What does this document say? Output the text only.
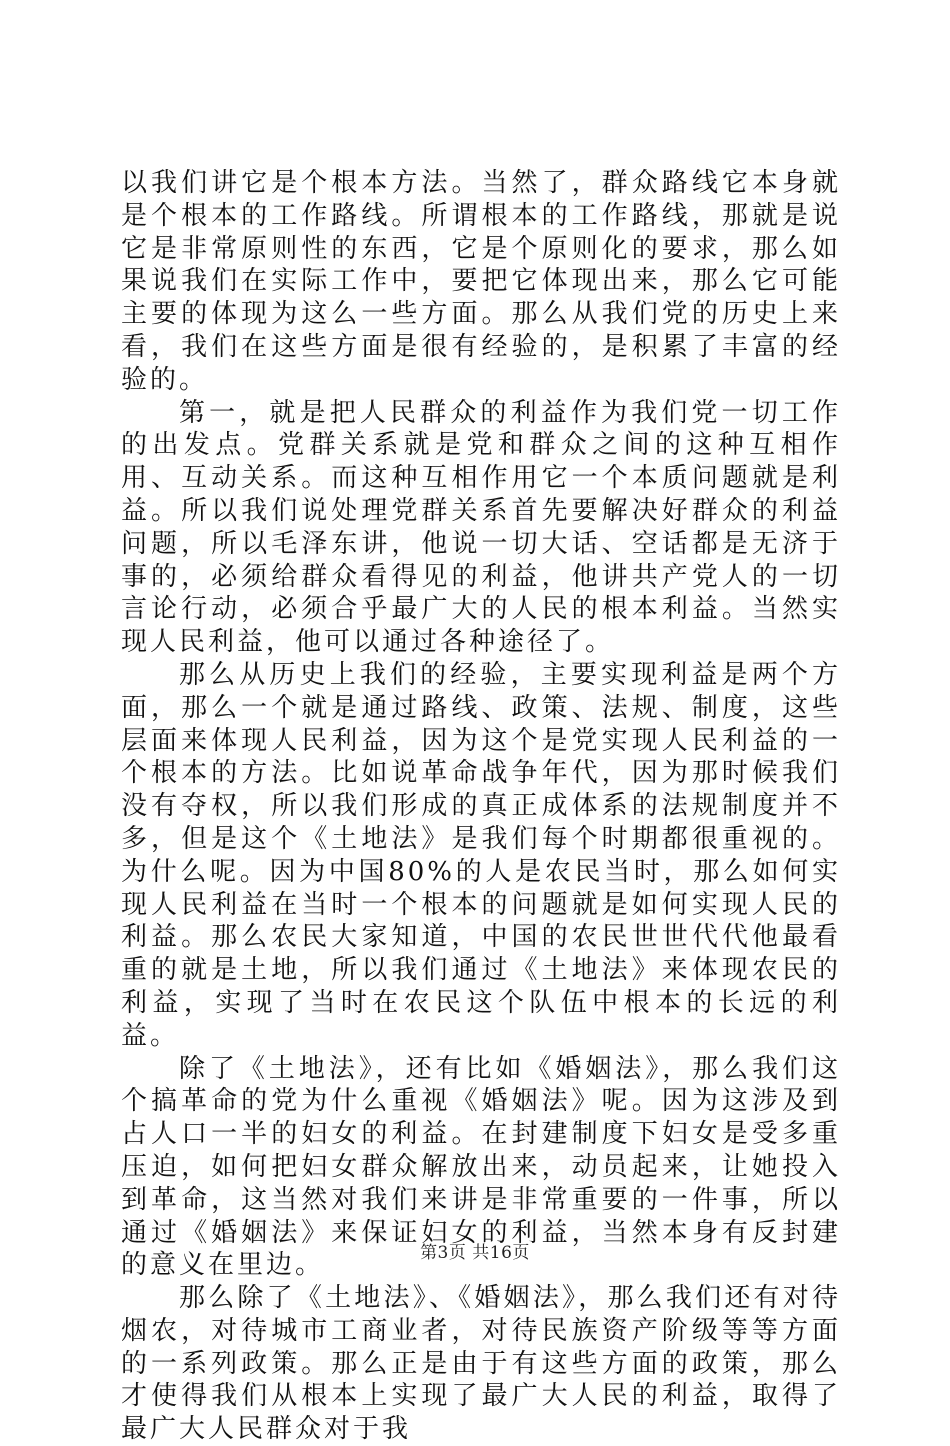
以我们讲它是个根本方法。当然了，群众路线它本身就是个根本的工作路线。所谓根本的工作路线，那就是说它是非常原则性的东西，它是个原则化的要求，那么如果说我们在实际工作中，要把它体现出来，那么它可能主要的体现为这么一些方面。那么从我们党的历史上来看，我们在这些方面是很有经验的，是积累了丰富的经验的。

第一，就是把人民群众的利益作为我们党一切工作的出发点。党群关系就是党和群众之间的这种互相作用、互动关系。而这种互相作用它一个本质问题就是利益。所以我们说处理党群关系首先要解决好群众的利益问题，所以毛泽东讲，他说一切大话、空话都是无济于事的，必须给群众看得见的利益，他讲共产党人的一切言论行动，必须合乎最广大的人民的根本利益。当然实现人民利益，他可以通过各种途径了。

那么从历史上我们的经验，主要实现利益是两个方面，那么一个就是通过路线、政策、法规、制度，这些层面来体现人民利益，因为这个是党实现人民利益的一个根本的方法。比如说革命战争年代，因为那时候我们没有夺权，所以我们形成的真正成体系的法规制度并不多，但是这个《土地法》是我们每个时期都很重视的。为什么呢。因为中国80%的人是农民当时，那么如何实现人民利益在当时一个根本的问题就是如何实现人民的利益。那么农民大家知道，中国的农民世世代代他最看重的就是土地，所以我们通过《土地法》来体现农民的利益，实现了当时在农民这个队伍中根本的长远的利益。

除了《土地法》，还有比如《婚姻法》，那么我们这个搞革命的党为什么重视《婚姻法》呢。因为这涉及到占人口一半的妇女的利益。在封建制度下妇女是受多重压迫，如何把妇女群众解放出来，动员起来，让她投入到革命，这当然对我们来讲是非常重要的一件事，所以通过《婚姻法》来保证妇女的利益，当然本身有反封建的意义在里边。

那么除了《土地法》、《婚姻法》，那么我们还有对待烟农，对待城市工商业者，对待民族资产阶级等等方面的一系列政策。那么正是由于有这些方面的政策，那么才使得我们从根本上实现了最广大人民的利益，取得了最广大人民群众对于我

第3页 共16页
